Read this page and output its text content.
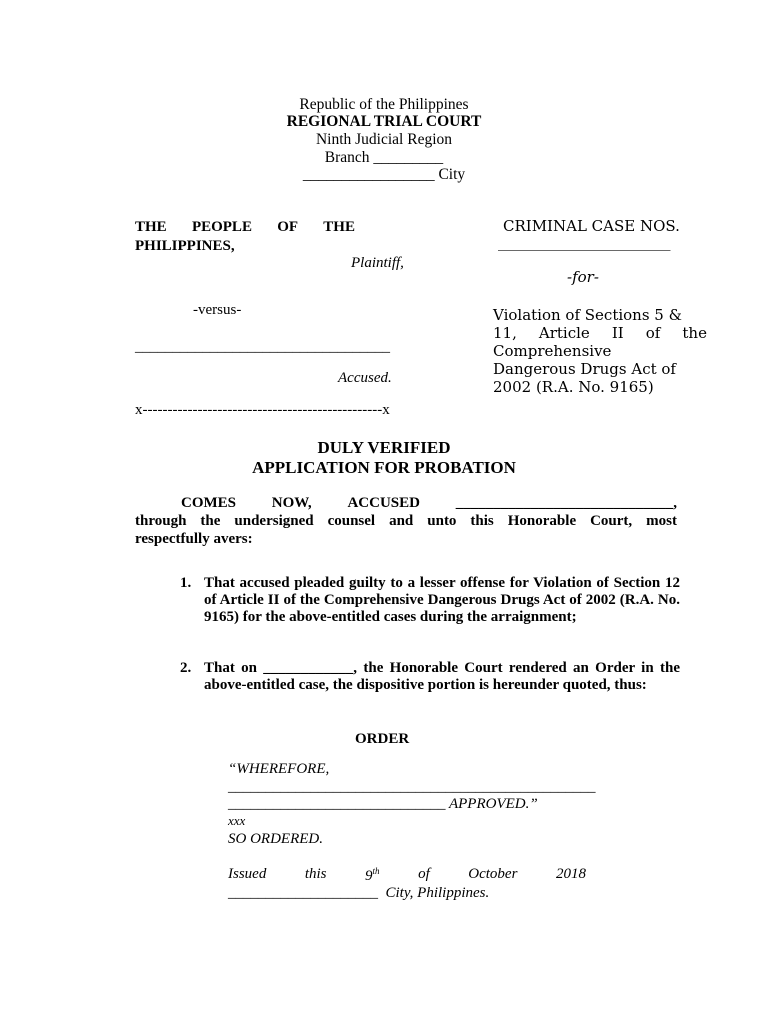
Republic of the Philippines
REGIONAL TRIAL COURT
Ninth Judicial Region
Branch _________
_________________ City
THE PEOPLE OF THE
PHILIPPINES,
Plaintiff,
-versus-
__________________________________
Accused.
x------------------------------------------------x
CRIMINAL CASE NOS.
_______________________
-for-
Violation of Sections 5 &
11, Article II of the
Comprehensive
Dangerous Drugs Act of
2002 (R.A. No. 9165)
DULY VERIFIED
APPLICATION FOR PROBATION
COMES NOW, ACCUSED _____________________________,
through the undersigned counsel and unto this Honorable Court, most
respectfully avers:
1. That accused pleaded guilty to a lesser offense for Violation of Section 12 of Article II of the Comprehensive Dangerous Drugs Act of 2002 (R.A. No. 9165) for the above-entitled cases during the arraignment;
2. That on ____________, the Honorable Court rendered an Order in the above-entitled case, the dispositive portion is hereunder quoted, thus:
ORDER
“WHEREFORE,
_________________________________________________
_____________________________ APPROVED.”
xxx
SO ORDERED.
Issued	this	9th	of	October	2018
____________________  City, Philippines.
